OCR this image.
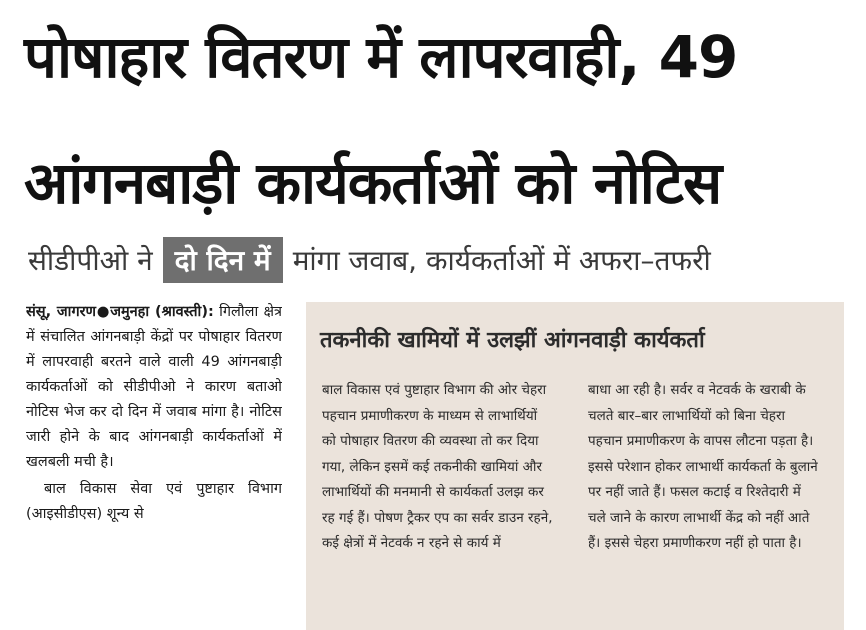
पोषाहार वितरण में लापरवाही, 49
आंगनबाड़ी कार्यकर्ताओं को नोटिस
सीडीपीओ ने दो दिन में मांगा जवाब, कार्यकर्ताओं में अफरा–तफरी

संसू, जागरण●जमुनहा (श्रावस्ती): गिलौला क्षेत्र में संचालित आंगनबाड़ी केंद्रों पर पोषाहार वितरण में लापरवाही बरतने वाले वाली 49 आंगनबाड़ी कार्यकर्ताओं को सीडीपीओ ने कारण बताओ नोटिस भेज कर दो दिन में जवाब मांगा है। नोटिस जारी होने के बाद आंगनबाड़ी कार्यकर्ताओं में खलबली मची है।

बाल विकास सेवा एवं पुष्टाहार विभाग (आइसीडीएस) शून्य से

तकनीकी खामियों में उलझीं आंगनवाड़ी कार्यकर्ता

बाल विकास एवं पुष्टाहार विभाग की ओर चेहरा पहचान प्रमाणीकरण के माध्यम से लाभार्थियों को पोषाहार वितरण की व्यवस्था तो कर दिया गया, लेकिन इसमें कई तकनीकी खामियां और लाभार्थियों की मनमानी से कार्यकर्ता उलझ कर रह गई हैं। पोषण ट्रैकर एप का सर्वर डाउन रहने, कई क्षेत्रों में नेटवर्क न रहने से कार्य में

बाधा आ रही है। सर्वर व नेटवर्क के खराबी के चलते बार–बार लाभार्थियों को बिना चेहरा पहचान प्रमाणीकरण के वापस लौटना पड़ता है। इससे परेशान होकर लाभार्थी कार्यकर्ता के बुलाने पर नहीं जाते हैं। फसल कटाई व रिश्तेदारी में चले जाने के कारण लाभार्थी केंद्र को नहीं आते हैं। इससे चेहरा प्रमाणीकरण नहीं हो पाता है।
